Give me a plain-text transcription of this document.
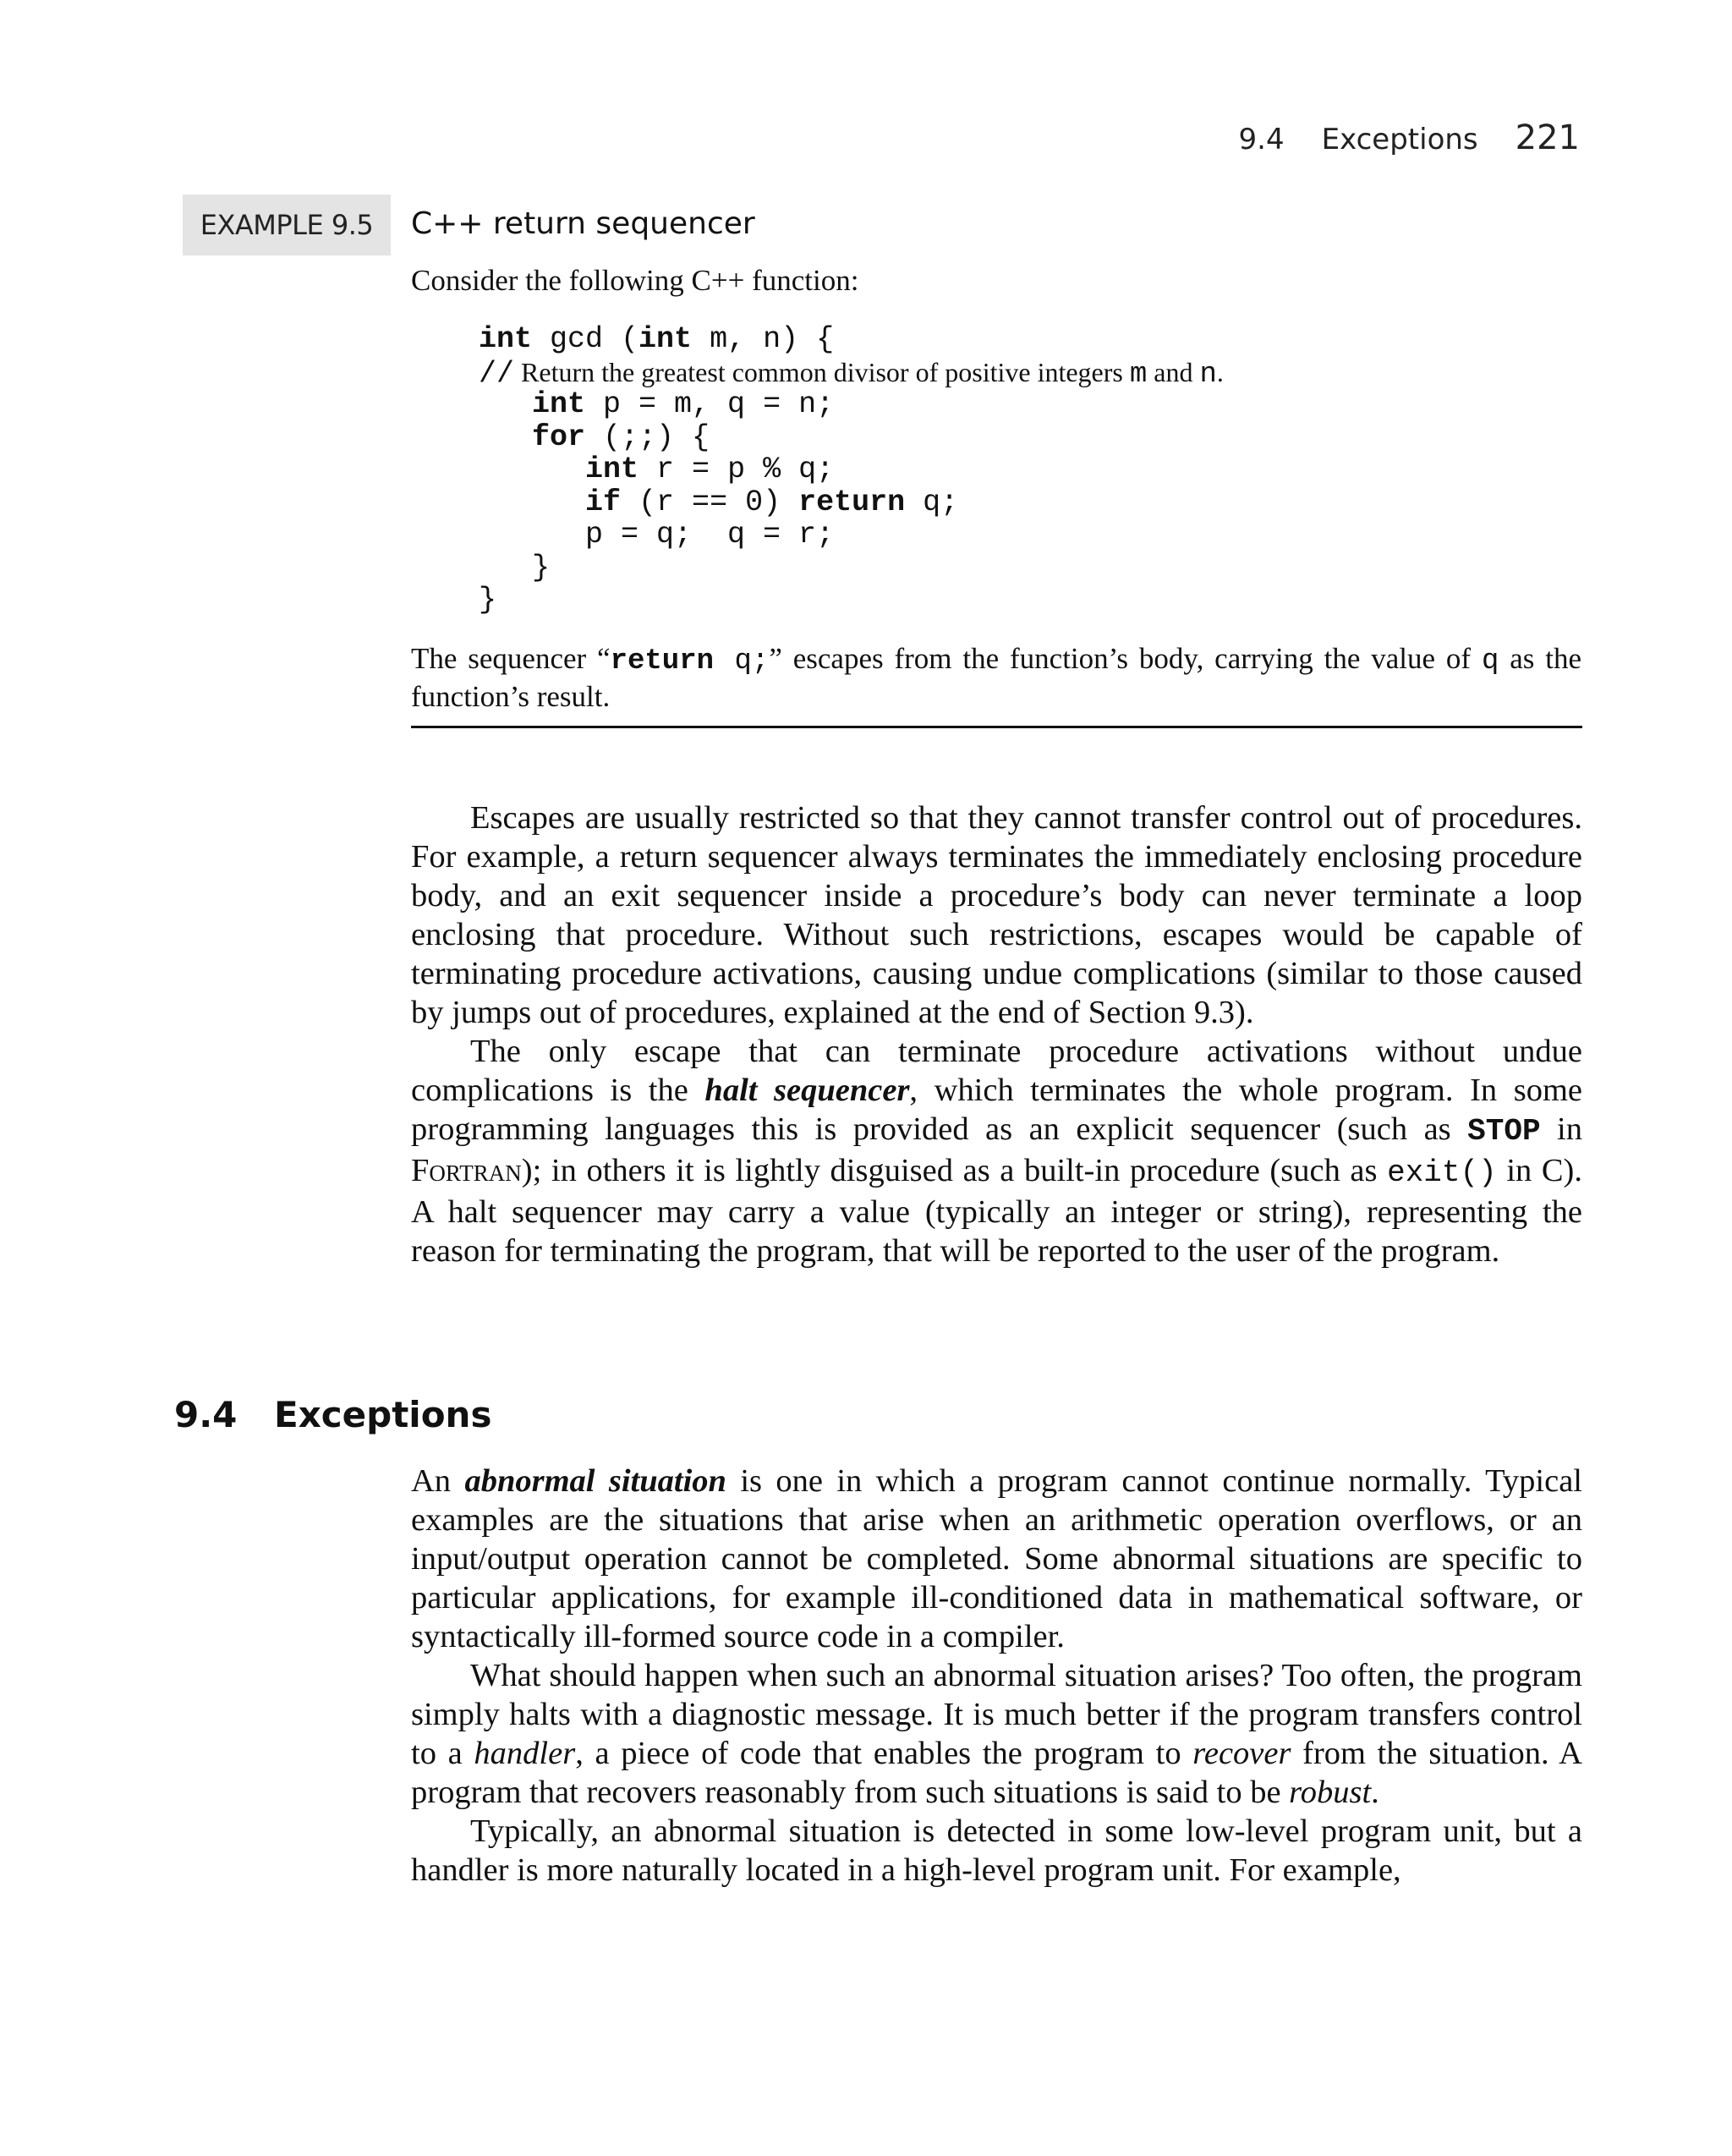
9.4 Exceptions 221
EXAMPLE 9.5	C++ return sequencer
Consider the following C++ function:
int gcd (int m, n) {
// Return the greatest common divisor of positive integers m and n.
int p = m, q = n;
for (;;) {
int r = p % q;
if (r == 0) return q;
p = q;  q = r;
}
}
The sequencer “return q;” escapes from the function’s body, carrying the value of q as the function’s result.

Escapes are usually restricted so that they cannot transfer control out of procedures. For example, a return sequencer always terminates the immediately enclosing procedure body, and an exit sequencer inside a procedure’s body can never terminate a loop enclosing that procedure. Without such restrictions, escapes would be capable of terminating procedure activations, causing undue complications (similar to those caused by jumps out of procedures, explained at the end of Section 9.3).

The only escape that can terminate procedure activations without undue complications is the halt sequencer, which terminates the whole program. In some programming languages this is provided as an explicit sequencer (such as STOP in Fortran); in others it is lightly disguised as a built-in procedure (such as exit() in C). A halt sequencer may carry a value (typically an integer or string), representing the reason for terminating the program, that will be reported to the user of the program.

9.4 Exceptions

An abnormal situation is one in which a program cannot continue normally. Typical examples are the situations that arise when an arithmetic operation overflows, or an input/output operation cannot be completed. Some abnormal situations are specific to particular applications, for example ill-conditioned data in mathematical software, or syntactically ill-formed source code in a compiler.

What should happen when such an abnormal situation arises? Too often, the program simply halts with a diagnostic message. It is much better if the program transfers control to a handler, a piece of code that enables the program to recover from the situation. A program that recovers reasonably from such situations is said to be robust.

Typically, an abnormal situation is detected in some low-level program unit, but a handler is more naturally located in a high-level program unit. For example,
